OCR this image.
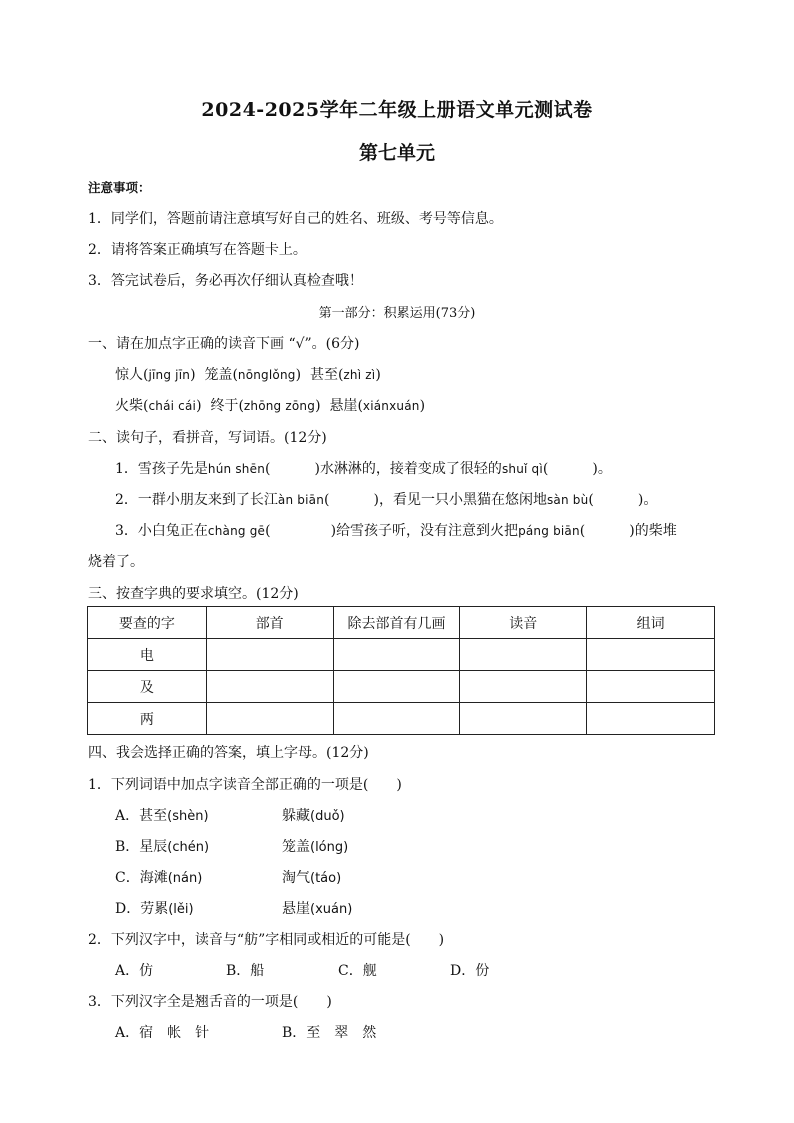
2024-2025学年二年级上册语文单元测试卷
第七单元
注意事项：
1．同学们，答题前请注意填写好自己的姓名、班级、考号等信息。
2．请将答案正确填写在答题卡上。
3．答完试卷后，务必再次仔细认真检查哦！
第一部分：积累运用(73分)
一、请在加点字正确的读音下画 “√”。(6分)
惊人(jīng jīn)  笼盖(nōnglǒng)  甚至(zhì zì)
火柴(chái cái)  终于(zhōng zōng)  悬崖(xiánxuán)
二、读句子，看拼音，写词语。(12分)
1．雪孩子先是hún shēn(	)水淋淋的，接着变成了很轻的shuǐ qì(	)。
2．一群小朋友来到了长江àn biān(	)，看见一只小黑猫在悠闲地sàn bù(	)。
3．小白兔正在chàng gē(	)给雪孩子听，没有注意到火把páng biān(	)的柴堆
烧着了。
三、按查字典的要求填空。(12分)
要查的字	部首	除去部首有几画	读音	组词
电				
及				
两				
四、我会选择正确的答案，填上字母。(12分)
1．下列词语中加点字读音全部正确的一项是(　　)
A．甚至(shèn)	躲藏(duǒ)
B．星辰(chén)	笼盖(lóng)
C．海滩(nán)	淘气(táo)
D．劳累(lěi)	悬崖(xuán)
2．下列汉字中，读音与“舫”字相同或相近的可能是(　　)
A．仿	B．船	C．舰	D．份
3．下列汉字全是翘舌音的一项是(　　)
A．宿　帐　针	B．至　翠　然
